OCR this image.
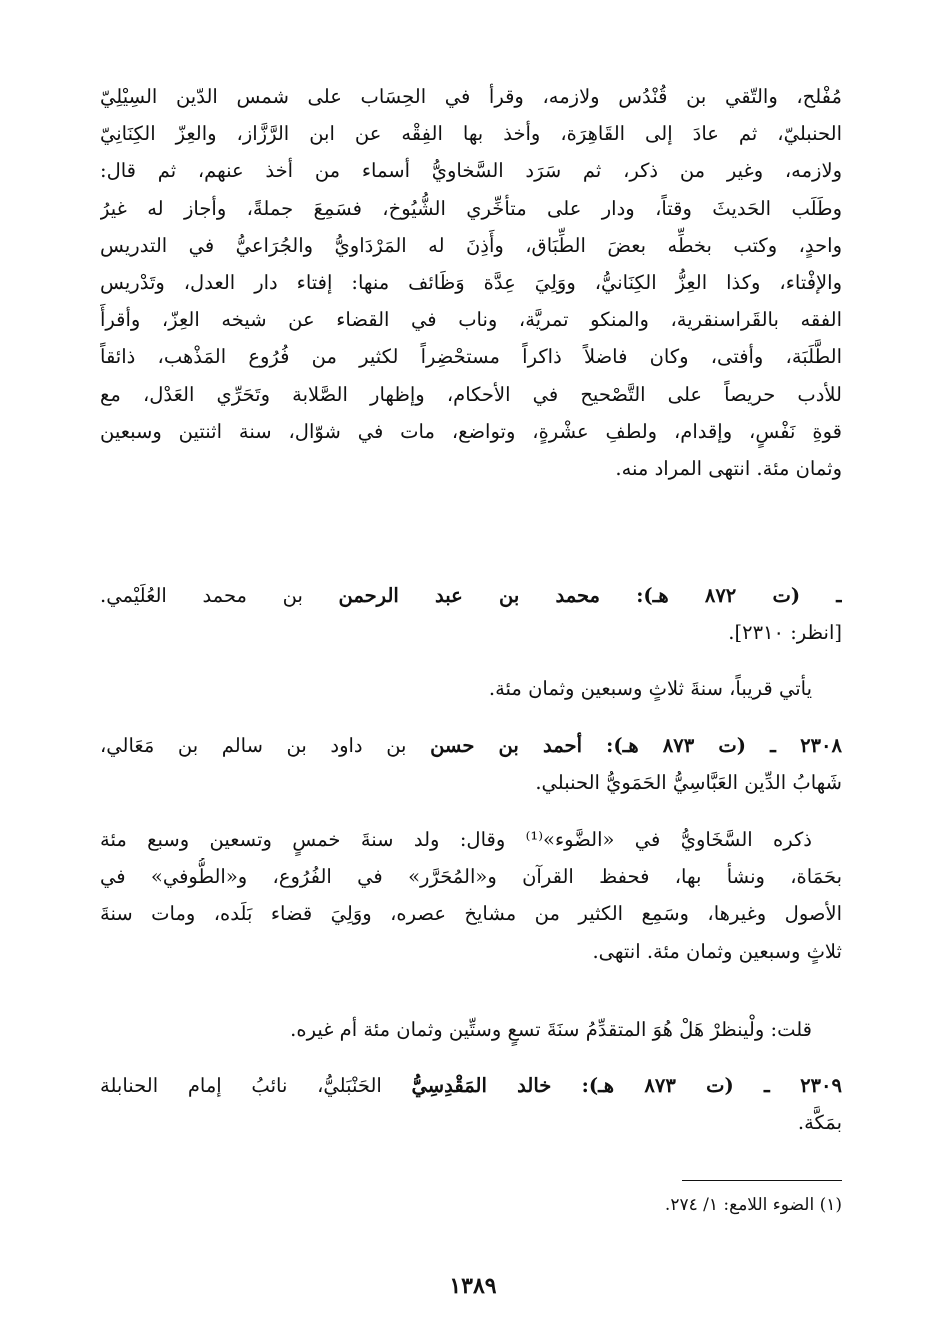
مُفْلح، والتّقي بن قُنْدُس ولازمه، وقرأ في الحِسَاب على شمس الدّين السِيْلِيّ
الحنبليّ، ثم عادَ إلى القَاهِرَة، وأخذ بها الفِقْه عن ابن الرَّزَّاز، والعِزّ الكِنَانِيّ
ولازمه، وغير من ذكر، ثم سَرَد السَّخاويُّ أسماء من أخذ عنهم، ثم قال:
وطَلَب الحَديثَ وقتاً، ودار على متأخِّري الشُّيُوخ، فسَمِعَ جملةً، وأجاز له غيرُ
واحدٍ، وكتب بخطِّه بعضَ الطِّبَاق، وأَذِنَ له المَرْدَاويُّ والجُرَاعيُّ في التدريس
والإفْتاء، وكذا العِزُّ الكِنَانيُّ، ووَلِيَ عِدَّة وَظَائف منها: إفتاء دار العدل، وتَدْريس
الفقه بالقَراسنقرية، والمنكو تمريَّة، وناب في القضاء عن شيخه العِزّ، وأقرأَ
الطَّلَبَة، وأفتى، وكان فاضلاً ذاكراً مستحْضِراً لكثير من فُرُوع المَذْهب، ذائقاً
للأدب حريصاً على التَّصْحيح في الأحكام، وإظهار الصَّلابة وتَحَرِّي العَدْل، مع
قوةِ نَفْسٍ، وإقدام، ولطفِ عشْرةٍ، وتواضع، مات في شوّال، سنة اثنتين وسبعين
وثمان مئة. انتهى المراد منه.
ـ (ت ٨٧٢ هـ): محمد بن عبد الرحمن بن محمد العُلَيْمي.
[انظر: ٢٣١٠].
يأتي قريباً، سنةَ ثلاثٍ وسبعين وثمان مئة.
٢٣٠٨ ـ (ت ٨٧٣ هـ): أحمد بن حسن بن داود بن سالم بن مَعَالي،
شَهابُ الدِّين العَبَّاسِيُّ الحَمَويُّ الحنبلي.
ذكره السَّخَاويُّ في «الضَّوء»⁽¹⁾ وقال: ولد سنةَ خمسٍ وتسعين وسبع مئة
بحَمَاة، ونشأ بها، فحفظ القرآن و«المُحَرَّر» في الفُرُوع، و«الطُّوفي» في
الأصول وغيرها، وسَمِع الكثير من مشايخ عصره، ووَلِيَ قضاء بَلَده، ومات سنةَ
ثلاثٍ وسبعين وثمان مئة. انتهى.
قلت: ولْينظرْ هَلْ هُوَ المتقدِّمُ سنَةَ تسعٍ وستِّين وثمان مئة أم غيره.
٢٣٠٩ ـ (ت ٨٧٣ هـ): خالد المَقْدِسِيُّ الحَنْبَليُّ، نائبُ إمام الحنابلة
بمَكَّة.
(١) الضوء اللامع: ١/ ٢٧٤.
١٣٨٩
